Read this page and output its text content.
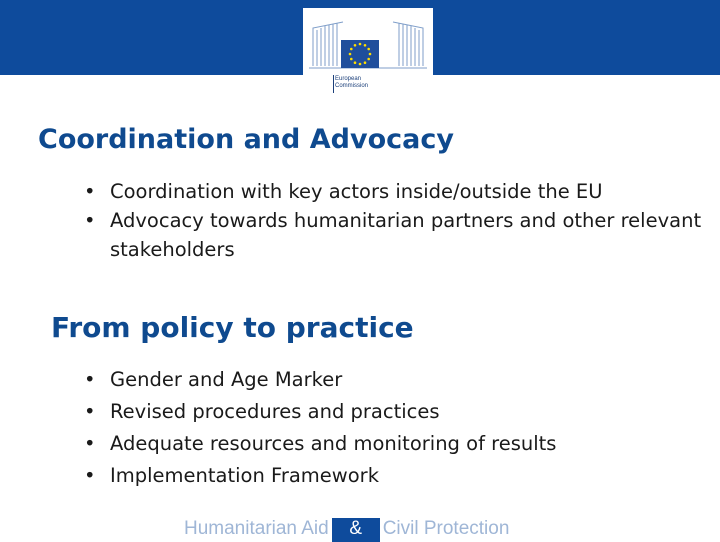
European
Commission
Coordination and Advocacy
• Coordination with key actors inside/outside the EU
• Advocacy towards humanitarian partners and other relevant stakeholders
From policy to practice
• Gender and Age Marker
• Revised procedures and practices
• Adequate resources and monitoring of results
• Implementation Framework
Humanitarian Aid & Civil Protection
